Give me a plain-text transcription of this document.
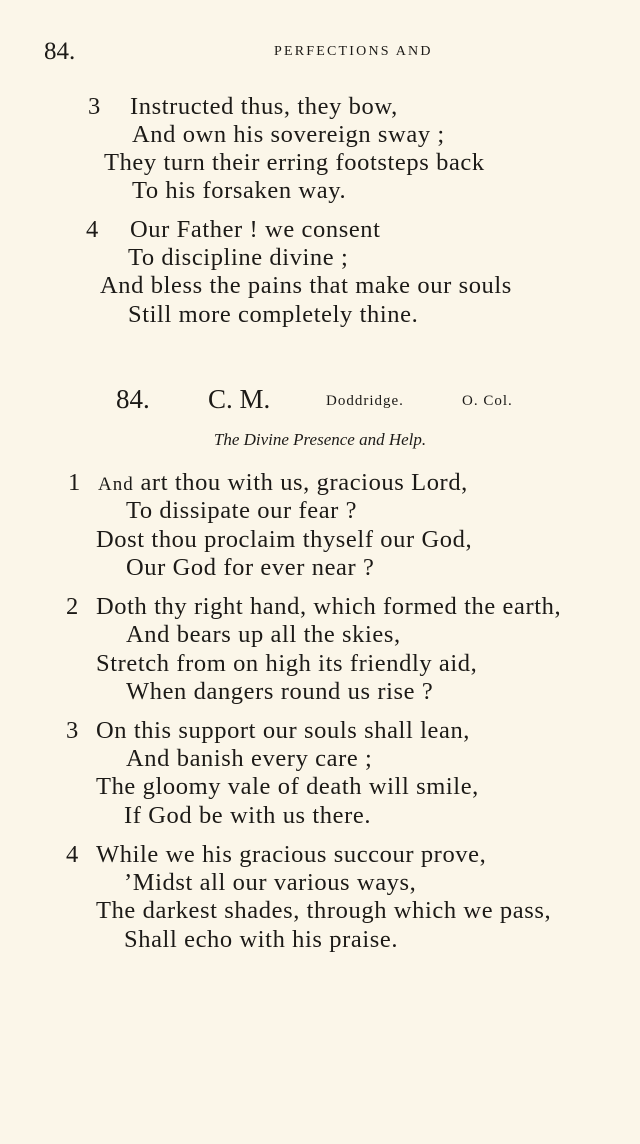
84.	PERFECTIONS AND
3 Instructed thus, they bow,
And own his sovereign sway ;
They turn their erring footsteps back
To his forsaken way.
4 Our Father ! we consent
To discipline divine ;
And bless the pains that make our souls
Still more completely thine.
84. C. M.	Doddridge.	O. Col.
The Divine Presence and Help.
1 And art thou with us, gracious Lord,
To dissipate our fear ?
Dost thou proclaim thyself our God,
Our God for ever near ?
2 Doth thy right hand, which formed the earth,
And bears up all the skies,
Stretch from on high its friendly aid,
When dangers round us rise ?
3 On this support our souls shall lean,
And banish every care ;
The gloomy vale of death will smile,
If God be with us there.
4 While we his gracious succour prove,
’Midst all our various ways,
The darkest shades, through which we pass,
Shall echo with his praise.
